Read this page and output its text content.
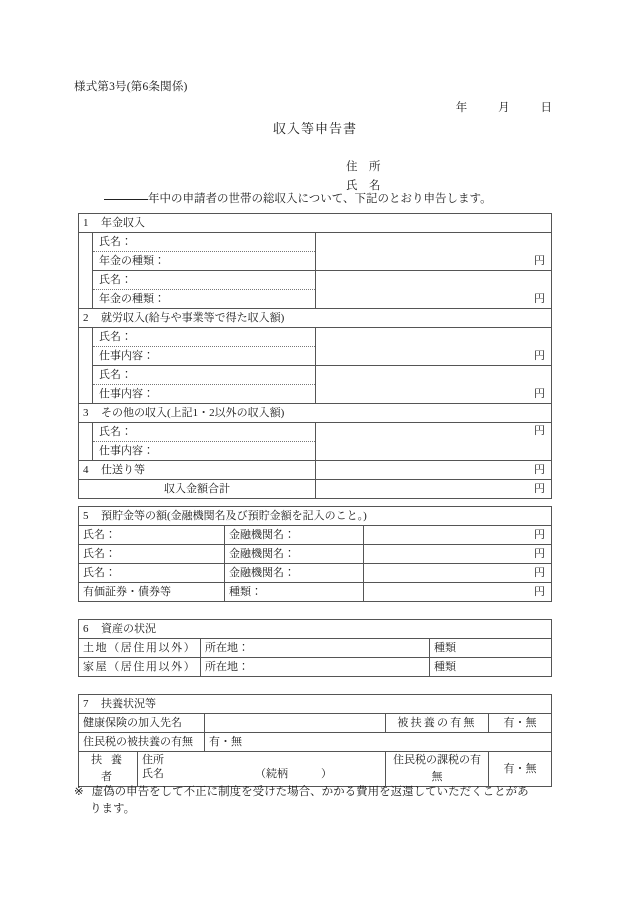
様式第3号(第6条関係)
年	月	日
収入等申告書
住　所
氏　名
年中の申請者の世帯の総収入について、下記のとおり申告します。
1 年金収入		
	氏名：	円
	年金の種類：	
	氏名：	円
	年金の種類：	
2 就労収入(給与や事業等で得た収入額)		
	氏名：	円
	仕事内容：	
	氏名：	円
	仕事内容：	
3 その他の収入(上記1・2以外の収入額)		
	氏名：	円
	仕事内容：	
4 仕送り等		円
収入金額合計		円
5 預貯金等の額(金融機関名及び預貯金額を記入のこと。)		
氏名：	金融機関名：	円
氏名：	金融機関名：	円
氏名：	金融機関名：	円
有価証券・債券等	種類：	円
6 資産の状況		
土地（居住用以外）	所在地：	種類
家屋（居住用以外）	所在地：	種類
7 扶養状況等				
健康保険の加入先名			被扶養の有無	有・無
住民税の被扶養の有無		有・無		
扶 養 者	住所
氏名 （続柄　　　）		住民税の課税の有無	有・無
※ 虚偽の申告をして不正に制度を受けた場合、かかる費用を返還していただくことがあ
ります。
